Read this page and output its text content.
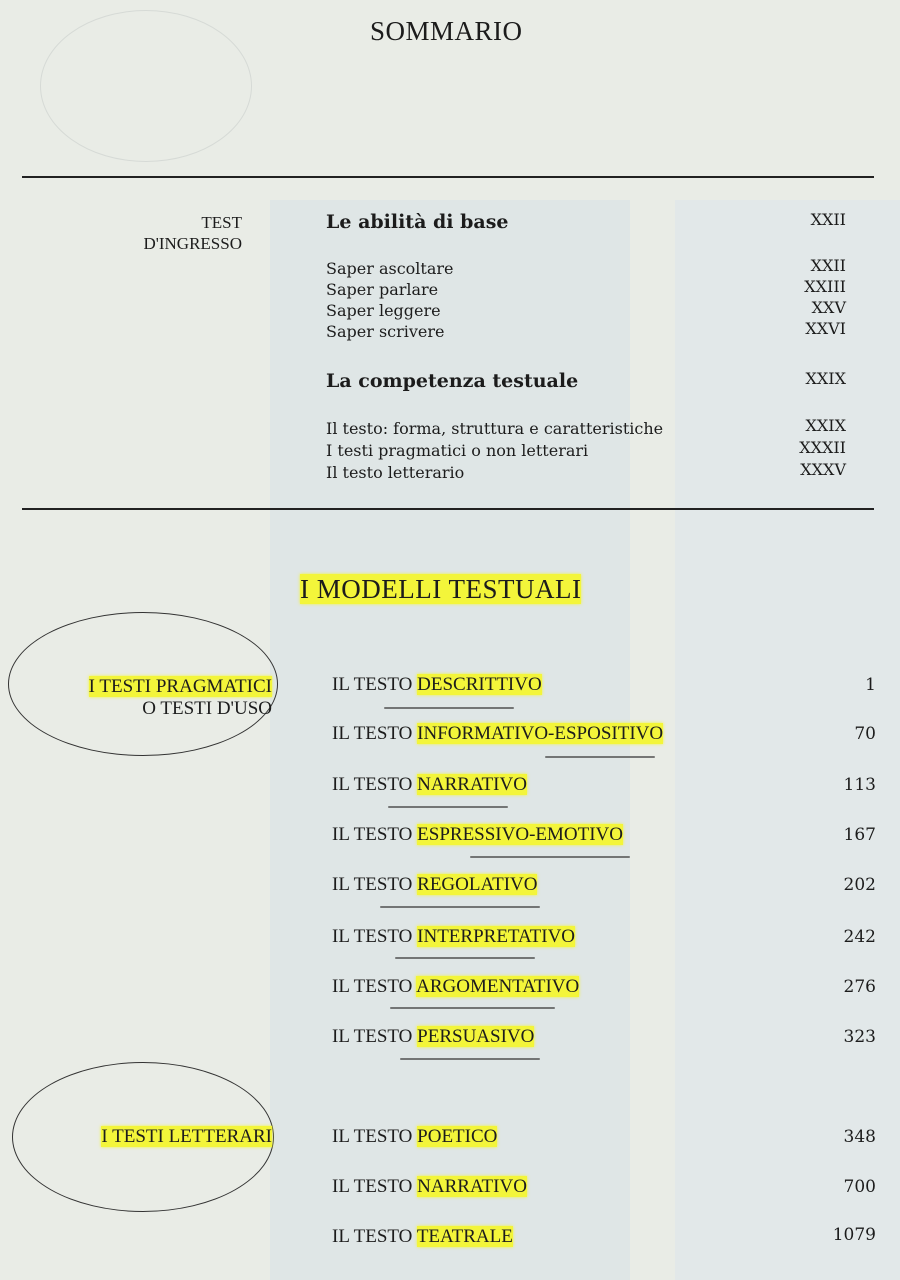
SOMMARIO
TEST
D'INGRESSO
Le abilità di base	XXII
Saper ascoltare	XXII
Saper parlare	XXIII
Saper leggere	XXV
Saper scrivere	XXVI
La competenza testuale	XXIX
Il testo: forma, struttura e caratteristiche	XXIX
I testi pragmatici o non letterari	XXXII
Il testo letterario	XXXV
I MODELLI TESTUALI
I TESTI PRAGMATICI
O TESTI D'USO
IL TESTO DESCRITTIVO	1
IL TESTO INFORMATIVO-ESPOSITIVO	70
IL TESTO NARRATIVO	113
IL TESTO ESPRESSIVO-EMOTIVO	167
IL TESTO REGOLATIVO	202
IL TESTO INTERPRETATIVO	242
IL TESTO ARGOMENTATIVO	276
IL TESTO PERSUASIVO	323
I TESTI LETTERARI	IL TESTO POETICO	348
IL TESTO NARRATIVO	700
IL TESTO TEATRALE	1079
